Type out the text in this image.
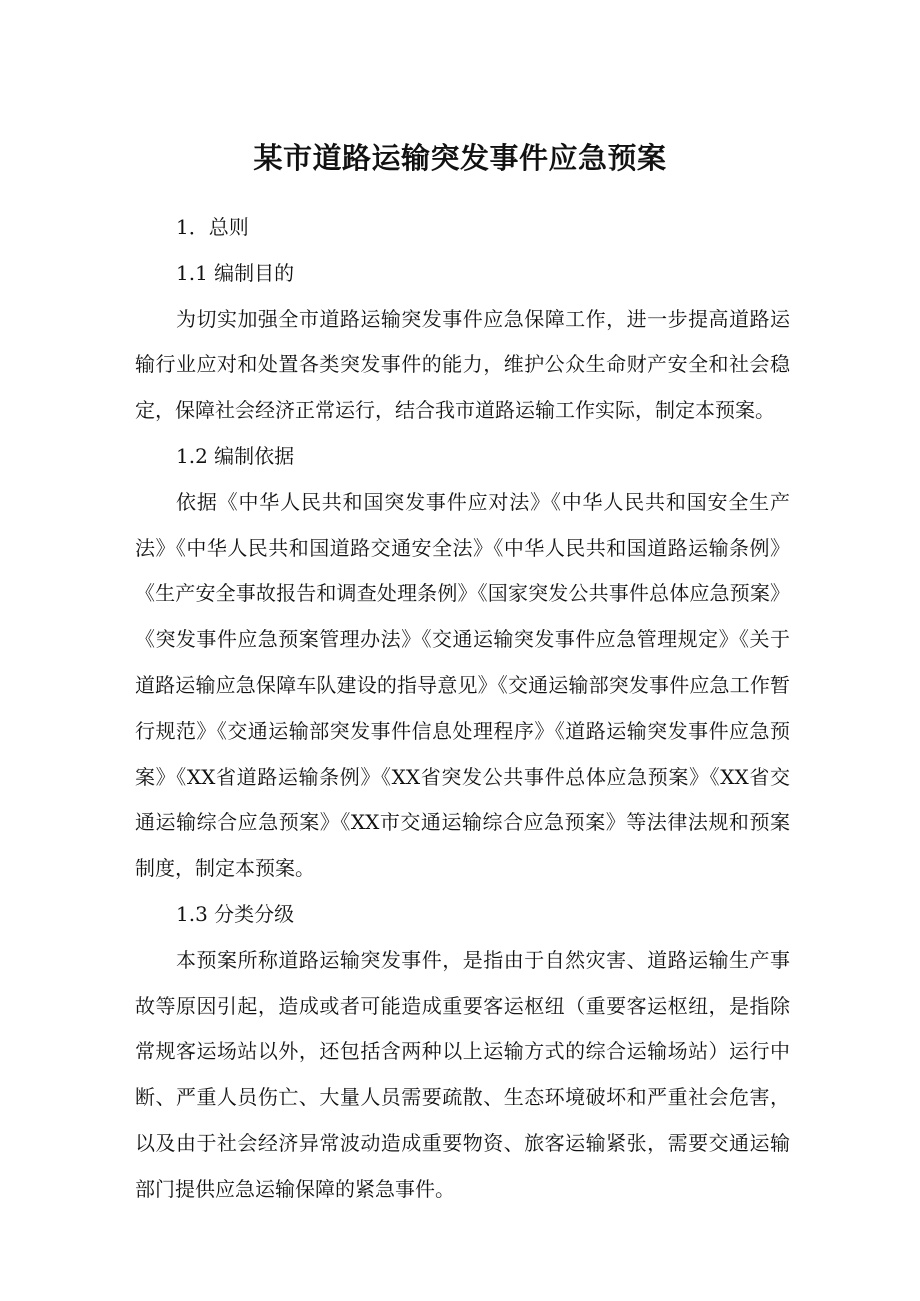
某市道路运输突发事件应急预案

1．总则

1.1 编制目的

为切实加强全市道路运输突发事件应急保障工作，进一步提高道路运输行业应对和处置各类突发事件的能力，维护公众生命财产安全和社会稳定，保障社会经济正常运行，结合我市道路运输工作实际，制定本预案。

1.2 编制依据

依据《中华人民共和国突发事件应对法》《中华人民共和国安全生产法》《中华人民共和国道路交通安全法》《中华人民共和国道路运输条例》《生产安全事故报告和调查处理条例》《国家突发公共事件总体应急预案》《突发事件应急预案管理办法》《交通运输突发事件应急管理规定》《关于道路运输应急保障车队建设的指导意见》《交通运输部突发事件应急工作暂行规范》《交通运输部突发事件信息处理程序》《道路运输突发事件应急预案》《XX省道路运输条例》《XX省突发公共事件总体应急预案》《XX省交通运输综合应急预案》《XX市交通运输综合应急预案》等法律法规和预案制度，制定本预案。

1.3 分类分级

本预案所称道路运输突发事件，是指由于自然灾害、道路运输生产事故等原因引起，造成或者可能造成重要客运枢纽（重要客运枢纽，是指除常规客运场站以外，还包括含两种以上运输方式的综合运输场站）运行中断、严重人员伤亡、大量人员需要疏散、生态环境破坏和严重社会危害，以及由于社会经济异常波动造成重要物资、旅客运输紧张，需要交通运输部门提供应急运输保障的紧急事件。
